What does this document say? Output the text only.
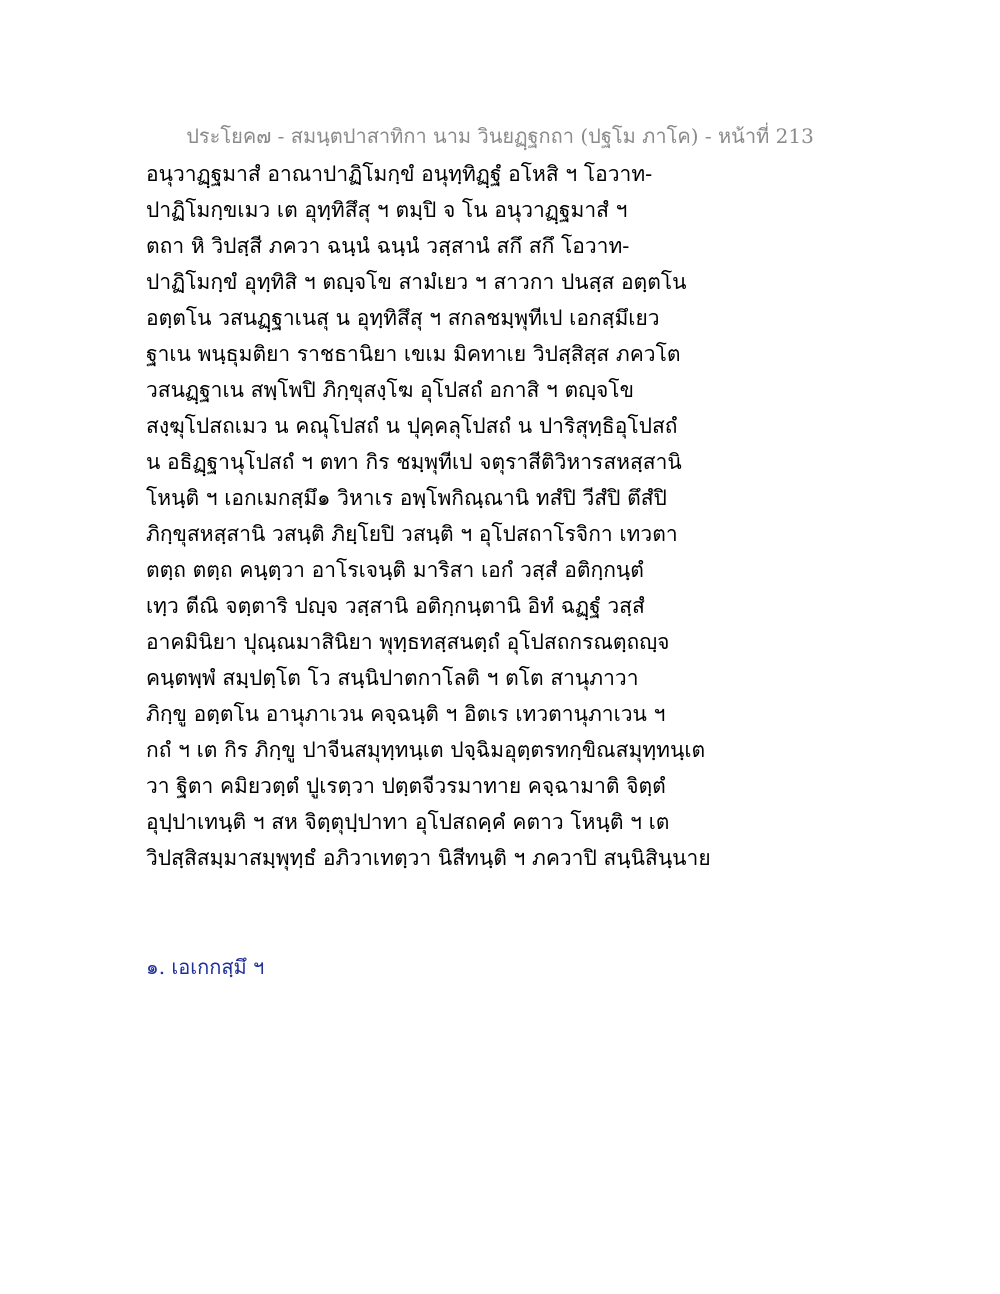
ประโยค๗ - สมนฺตปาสาทิกา นาม วินยฏฺฐกถา (ปฐโม ภาโค) - หน้าที่ 213
อนุวาฏฺฐมาสํ อาณาปาฏิโมกฺขํ อนุทฺทิฏฺฐํ อโหสิ ฯ โอวาท-
ปาฏิโมกฺขเมว เต อุทฺทิสึสุ ฯ ตมฺปิ จ โน อนุวาฏฺฐมาสํ ฯ
ตถา หิ วิปสฺสี ภควา ฉนฺนํ ฉนฺนํ วสฺสานํ สกึ สกึ โอวาท-
ปาฏิโมกฺขํ อุทฺทิสิ ฯ ตญฺจโข สามํเยว ฯ สาวกา ปนสฺส อตฺตโน
อตฺตโน วสนฏฺฐาเนสุ น อุทฺทิสึสุ ฯ สกลชมฺพุทีเป เอกสฺมึเยว
ฐาเน พนฺธุมติยา ราชธานิยา เขเม มิคทาเย วิปสฺสิสฺส ภควโต
วสนฏฺฐาเน สพฺโพปิ ภิกฺขุสงฺโฆ อุโปสถํ อกาสิ ฯ ตญฺจโข
สงฺฆุโปสถเมว น คณุโปสถํ น ปุคฺคลุโปสถํ น ปาริสุทฺธิอุโปสถํ
น อธิฏฺฐานุโปสถํ ฯ ตทา กิร ชมฺพุทีเป จตุราสีติวิหารสหสฺสานิ
โหนฺติ ฯ เอกเมกสฺมึ๑ วิหาเร อพฺโพกิณฺณานิ ทสํปิ วีสํปิ ตึสํปิ
ภิกฺขุสหสฺสานิ วสนฺติ ภิยฺโยปิ วสนฺติ ฯ อุโปสถาโรจิกา เทวตา
ตตฺถ ตตฺถ คนฺตฺวา อาโรเจนฺติ มาริสา เอกํ วสฺสํ อติกฺกนฺตํ
เทฺว ตีณิ จตฺตาริ ปญฺจ วสฺสานิ อติกฺกนฺตานิ อิทํ ฉฏฺฐํ วสฺสํ
อาคมินิยา ปุณฺณมาสินิยา พุทฺธทสฺสนตฺถํ อุโปสถกรณตฺถญฺจ
คนฺตพฺพํ สมฺปตฺโต โว สนฺนิปาตกาโลติ ฯ ตโต สานุภาวา
ภิกฺขู อตฺตโน อานุภาเวน คจฺฉนฺติ ฯ อิตเร เทวตานุภาเวน ฯ
กถํ ฯ เต กิร ภิกฺขู ปาจีนสมุทฺทนฺเต ปจฺฉิมอุตฺตรทกฺขิณสมุทฺทนฺเต
วา ฐิตา คมิยวตฺตํ ปูเรตฺวา ปตฺตจีวรมาทาย คจฺฉามาติ จิตฺตํ
อุปฺปาเทนฺติ ฯ สห จิตฺตุปฺปาทา อุโปสถคฺคํ คตาว โหนฺติ ฯ เต
วิปสฺสิสมฺมาสมฺพุทฺธํ อภิวาเทตฺวา นิสีทนฺติ ฯ ภควาปิ สนฺนิสินฺนาย
๑. เอเกกสฺมึ ฯ
